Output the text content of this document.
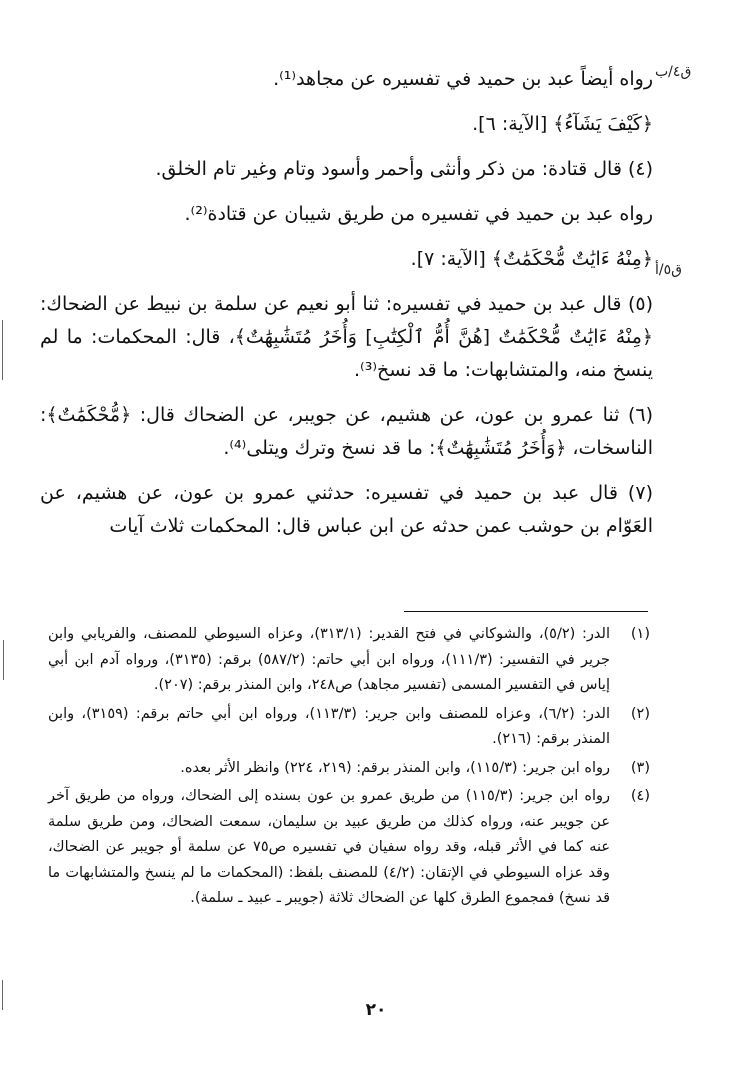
ق٤/ب
ق٥/أ

رواه أيضاً عبد بن حميد في تفسيره عن مجاهد⁽¹⁾.

﴿كَيْفَ يَشَآءُ﴾ [الآية: ٦].

(٤) قال قتادة: من ذكر وأنثى وأحمر وأسود وتام وغير تام الخلق.

رواه عبد بن حميد في تفسيره من طريق شيبان عن قتادة⁽²⁾.

﴿مِنْهُ ءَايَٰتٌ مُّحْكَمَٰتٌ﴾ [الآية: ٧].

(٥) قال عبد بن حميد في تفسيره: ثنا أبو نعيم عن سلمة بن نبيط عن الضحاك: ﴿مِنْهُ ءَايَٰتٌ مُّحْكَمَٰتٌ [هُنَّ أُمُّ ٱلْكِتَٰبِ] وَأُخَرُ مُتَشَٰبِهَٰتٌ﴾، قال: المحكمات: ما لم ينسخ منه، والمتشابهات: ما قد نسخ⁽³⁾.

(٦) ثنا عمرو بن عون، عن هشيم، عن جويبر، عن الضحاك قال: ﴿مُّحْكَمَٰتٌ﴾: الناسخات، ﴿وَأُخَرُ مُتَشَٰبِهَٰتٌ﴾: ما قد نسخ وترك ويتلى⁽⁴⁾.

(٧) قال عبد بن حميد في تفسيره: حدثني عمرو بن عون، عن هشيم، عن العَوّام بن حوشب عمن حدثه عن ابن عباس قال: المحكمات ثلاث آيات

(١)
الدر: (٥/٢)، والشوكاني في فتح القدير: (٣١٣/١)، وعزاه السيوطي للمصنف، والفريابي وابن جرير في التفسير: (١١١/٣)، ورواه ابن أبي حاتم: (٥٨٧/٢) برقم: (٣١٣٥)، ورواه آدم ابن أبي إياس في التفسير المسمى (تفسير مجاهد) ص٢٤٨، وابن المنذر برقم: (٢٠٧).
(٢)
الدر: (٦/٢)، وعزاه للمصنف وابن جرير: (١١٣/٣)، ورواه ابن أبي حاتم برقم: (٣١٥٩)، وابن المنذر برقم: (٢١٦).
(٣)
رواه ابن جرير: (١١٥/٣)، وابن المنذر برقم: (٢١٩، ٢٢٤) وانظر الأثر بعده.
(٤)
رواه ابن جرير: (١١٥/٣) من طريق عمرو بن عون بسنده إلى الضحاك، ورواه من طريق آخر عن جويبر عنه، ورواه كذلك من طريق عبيد بن سليمان، سمعت الضحاك، ومن طريق سلمة عنه كما في الأثر قبله، وقد رواه سفيان في تفسيره ص٧٥ عن سلمة أو جويبر عن الضحاك، وقد عزاه السيوطي في الإتقان: (٤/٢) للمصنف بلفظ: (المحكمات ما لم ينسخ والمتشابهات ما قد نسخ) فمجموع الطرق كلها عن الضحاك ثلاثة (جويبر ـ عبيد ـ سلمة).
٢٠
